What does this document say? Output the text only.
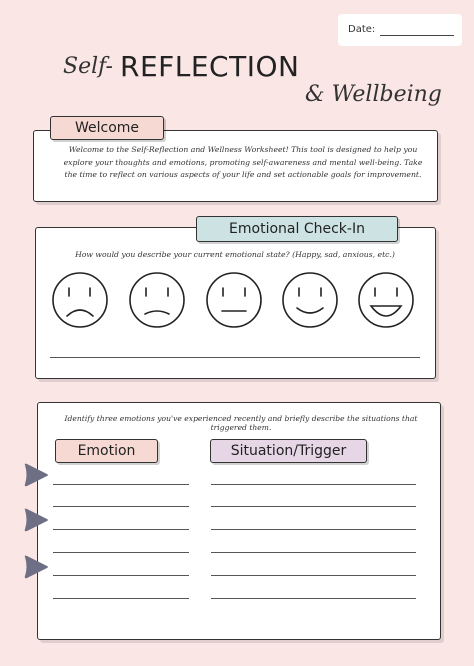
Date:
Self- REFLECTION
& Wellbeing
Welcome
Welcome to the Self-Reflection and Wellness Worksheet! This tool is designed to help you explore your thoughts and emotions, promoting self-awareness and mental well-being. Take the time to reflect on various aspects of your life and set actionable goals for improvement.
Emotional Check-In
How would you describe your current emotional state? (Happy, sad, anxious, etc.)
Identify three emotions you've experienced recently and briefly describe the situations that triggered them.
Emotion	Situation/Trigger
